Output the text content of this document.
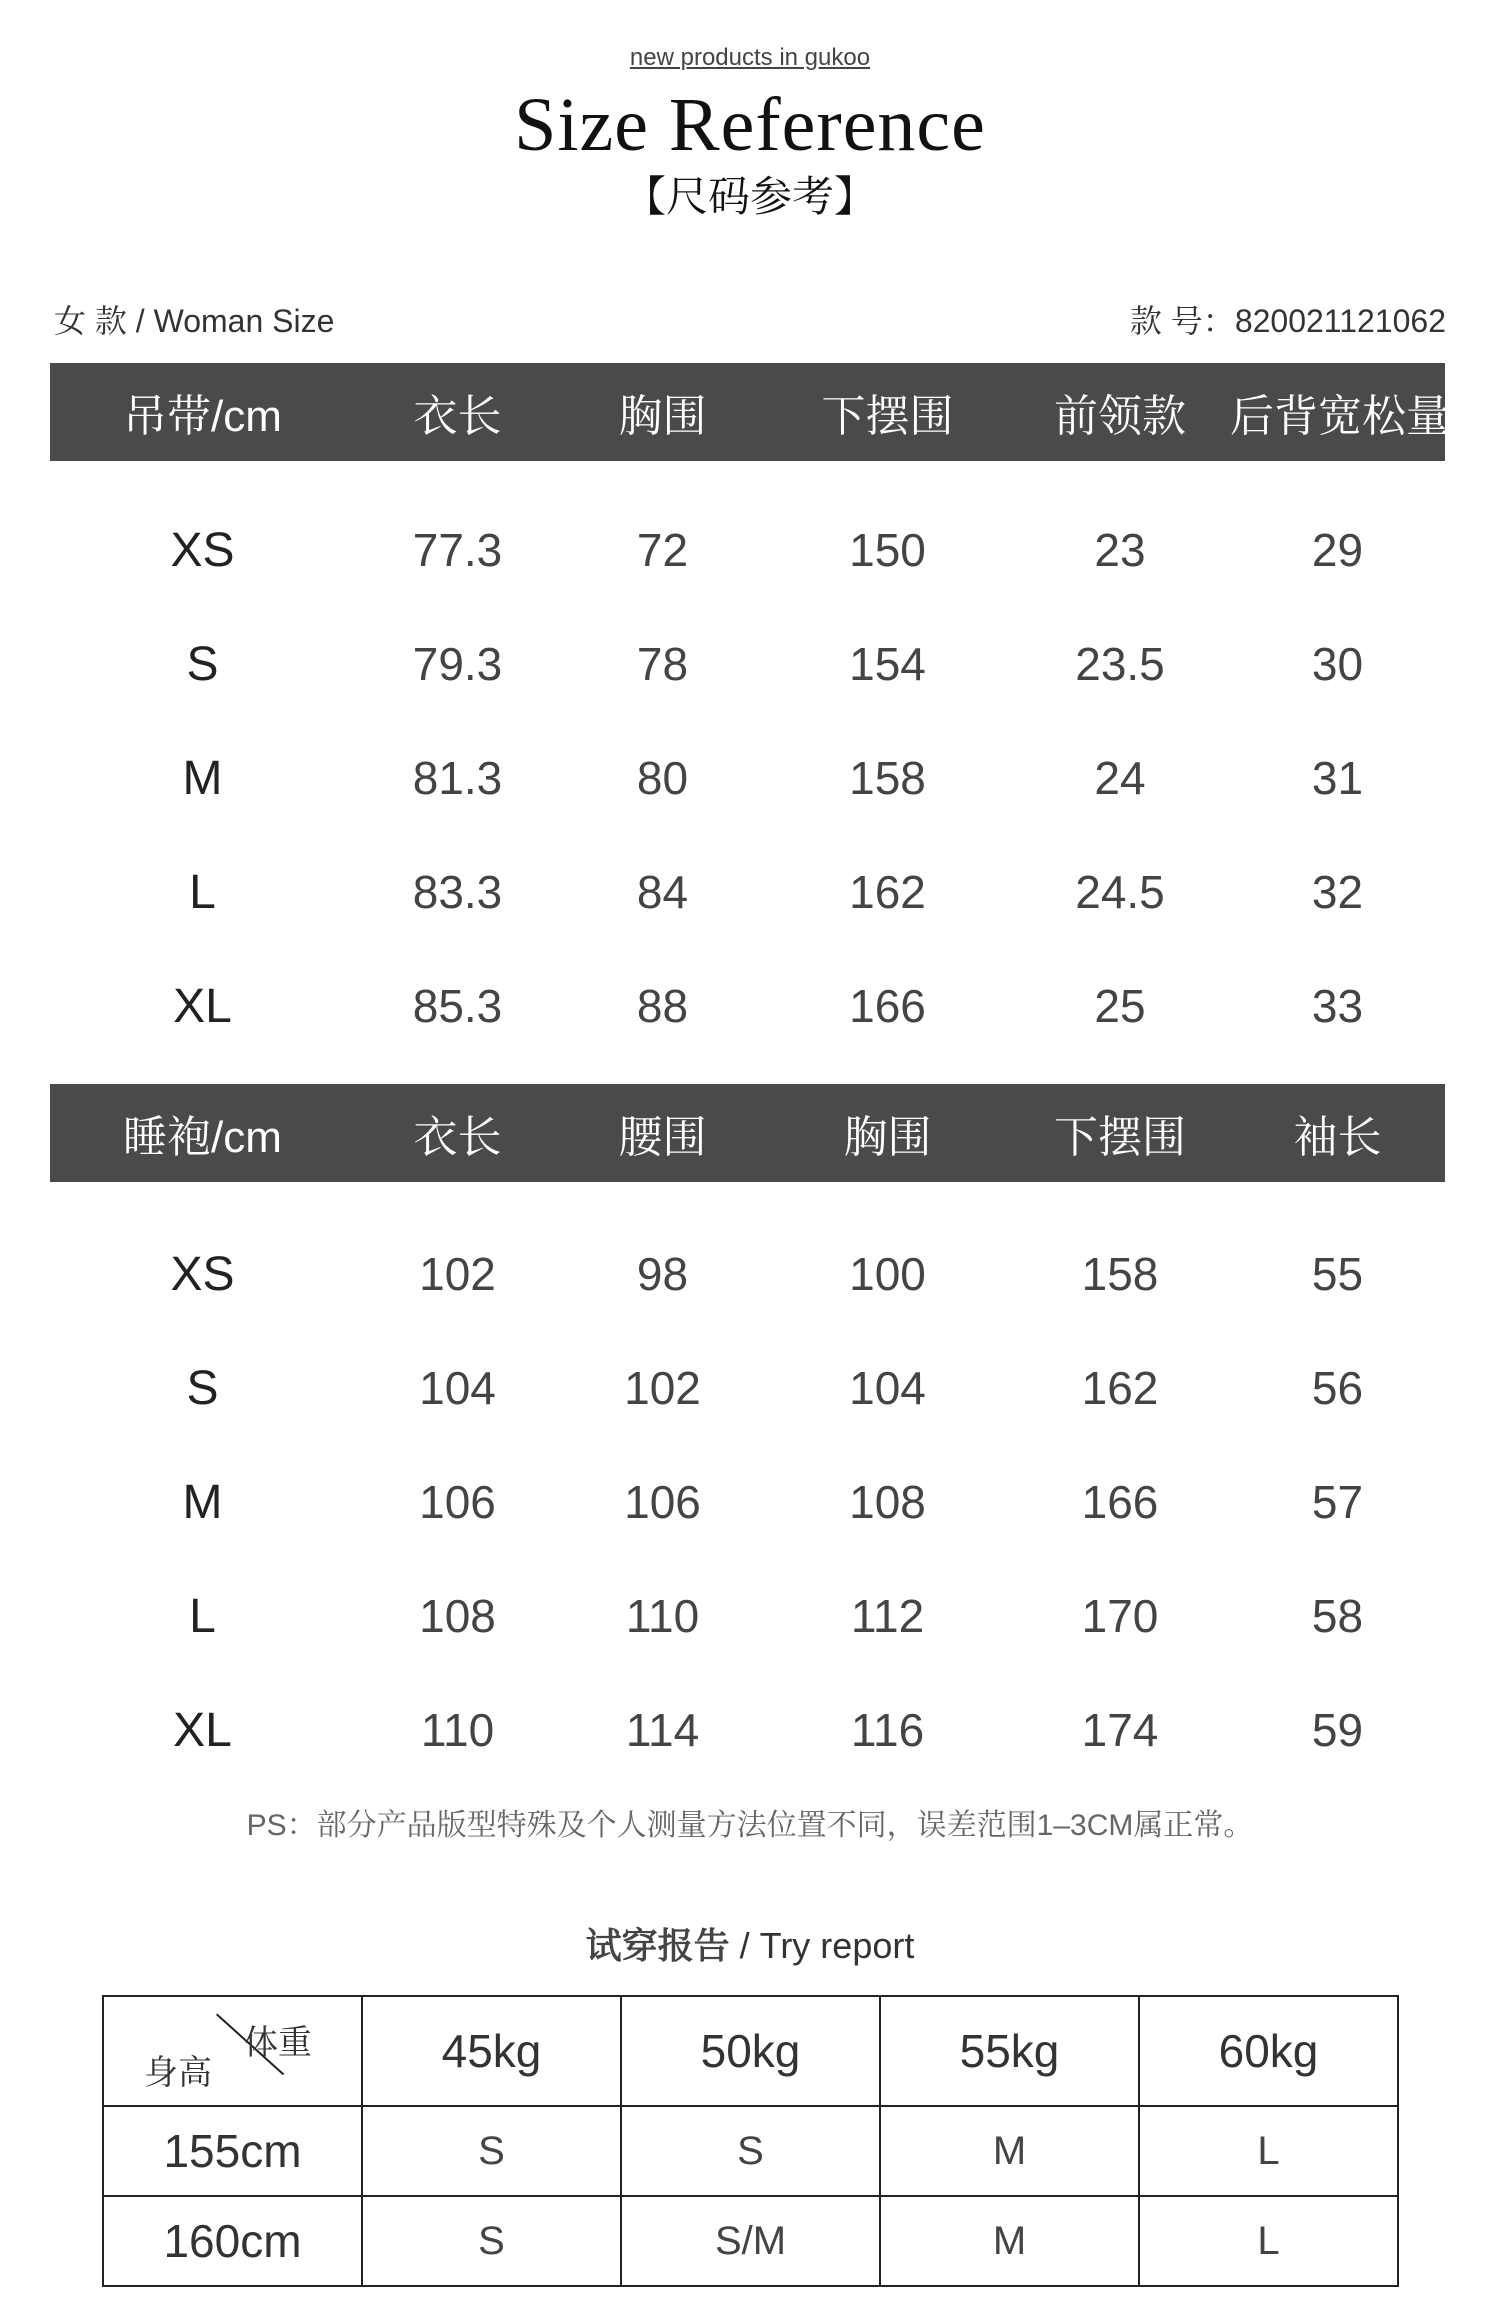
new products in gukoo
Size Reference
【尺码参考】
女 款 / Woman Size	款 号：820021121062
吊带/cm	衣长	胸围	下摆围	前领款	后背宽松量
XS	77.3	72	150	23	29
S	79.3	78	154	23.5	30
M	81.3	80	158	24	31
L	83.3	84	162	24.5	32
XL	85.3	88	166	25	33
睡袍/cm	衣长	腰围	胸围	下摆围	袖长
XS	102	98	100	158	55
S	104	102	104	162	56
M	106	106	108	166	57
L	108	110	112	170	58
XL	110	114	116	174	59
PS：部分产品版型特殊及个人测量方法位置不同，误差范围1–3CM属正常。
试穿报告 / Try report
身高
体重	45kg	50kg	55kg	60kg
155cm	S	S	M	L
160cm	S	S/M	M	L
